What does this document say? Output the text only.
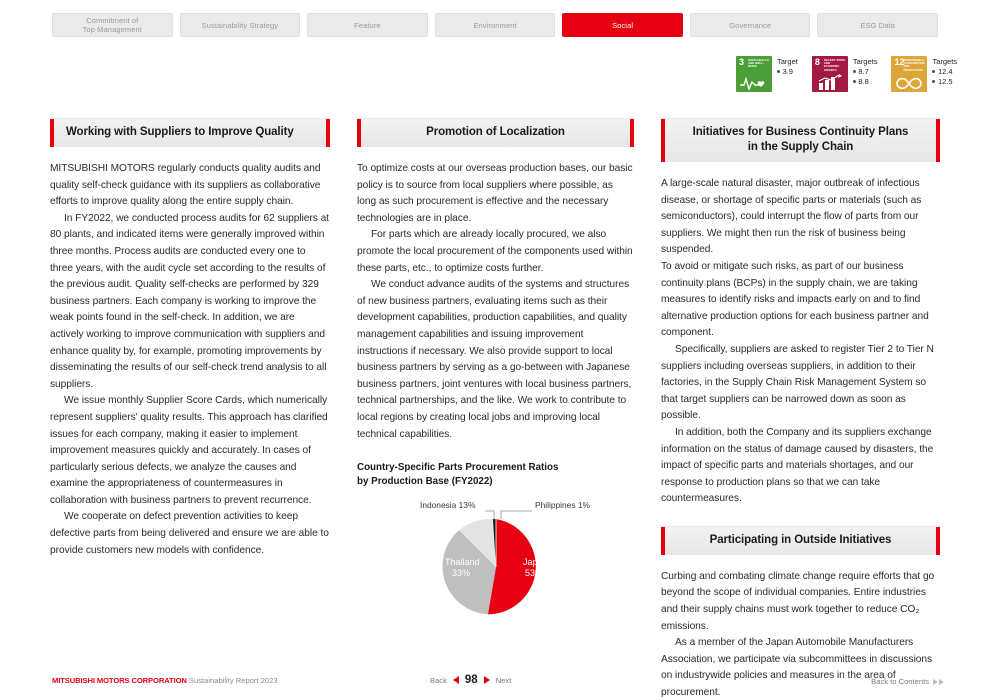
Commitment of
Top Management	Sustainability Strategy	Feature	Environment	Social	Governance	ESG Data
3 GOOD HEALTH AND WELL-BEING
Target
3.9
8 DECENT WORK AND ECONOMIC GROWTH
Targets
8.7
8.8
12
RESPONSIBLE CONSUMPTION AND PRODUCTION
Targets
12.4
12.5
Working with Suppliers to Improve Quality

MITSUBISHI MOTORS regularly conducts quality audits and quality self-check guidance with its suppliers as collaborative efforts to improve quality along the entire supply chain.

In FY2022, we conducted process audits for 62 suppliers at 80 plants, and indicated items were generally improved within three months. Process audits are conducted every one to three years, with the audit cycle set according to the results of the previous audit. Quality self-checks are performed by 329 business partners. Each company is working to improve the weak points found in the self-check. In addition, we are actively working to improve communication with suppliers and enhance quality by, for example, promoting improvements by disseminating the results of our self-check trend analysis to all suppliers.

We issue monthly Supplier Score Cards, which numerically represent suppliers' quality results. This approach has clarified issues for each company, making it easier to implement improvement measures quickly and accurately. In cases of particularly serious defects, we analyze the causes and examine the appropriateness of countermeasures in collaboration with business partners to prevent recurrence.

We cooperate on defect prevention activities to keep defective parts from being delivered and ensure we are able to provide customers new models with confidence.

Promotion of Localization

To optimize costs at our overseas production bases, our basic policy is to source from local suppliers where possible, as long as such procurement is effective and the necessary technologies are in place.

For parts which are already locally procured, we also promote the local procurement of the components used within these parts, etc., to optimize costs further.

We conduct advance audits of the systems and structures of new business partners, evaluating items such as their development capabilities, production capabilities, and quality management capabilities and issuing improvement instructions if necessary. We also provide support to local business partners by serving as a go-between with Japanese business partners, joint ventures with local business partners, technical partnerships, and the like. We work to contribute to local regions by creating local jobs and improving local technical capabilities.

Country-Specific Parts Procurement Ratios
by Production Base (FY2022)
Indonesia 13%	Philippines 1%
Japan
53%
Thailand
33%
Initiatives for Business Continuity Plans
in the Supply Chain

A large-scale natural disaster, major outbreak of infectious disease, or shortage of specific parts or materials (such as semiconductors), could interrupt the flow of parts from our suppliers. We might then run the risk of business being suspended.

To avoid or mitigate such risks, as part of our business continuity plans (BCPs) in the supply chain, we are taking measures to identify risks and impacts early on and to find alternative production options for each business partner and component.

Specifically, suppliers are asked to register Tier 2 to Tier N suppliers including overseas suppliers, in addition to their factories, in the Supply Chain Risk Management System so that target suppliers can be narrowed down as soon as possible.

In addition, both the Company and its suppliers exchange information on the status of damage caused by disasters, the impact of specific parts and materials shortages, and our response to production plans so that we can take countermeasures.

Participating in Outside Initiatives

Curbing and combating climate change require efforts that go beyond the scope of individual companies. Entire industries and their supply chains must work together to reduce CO₂ emissions.

As a member of the Japan Automobile Manufacturers Association, we participate via subcommittees in discussions on industrywide policies and measures in the area of procurement.

MITSUBISHI MOTORS CORPORATION Sustainability Report 2023	Back 98 Next	Back to Contents
